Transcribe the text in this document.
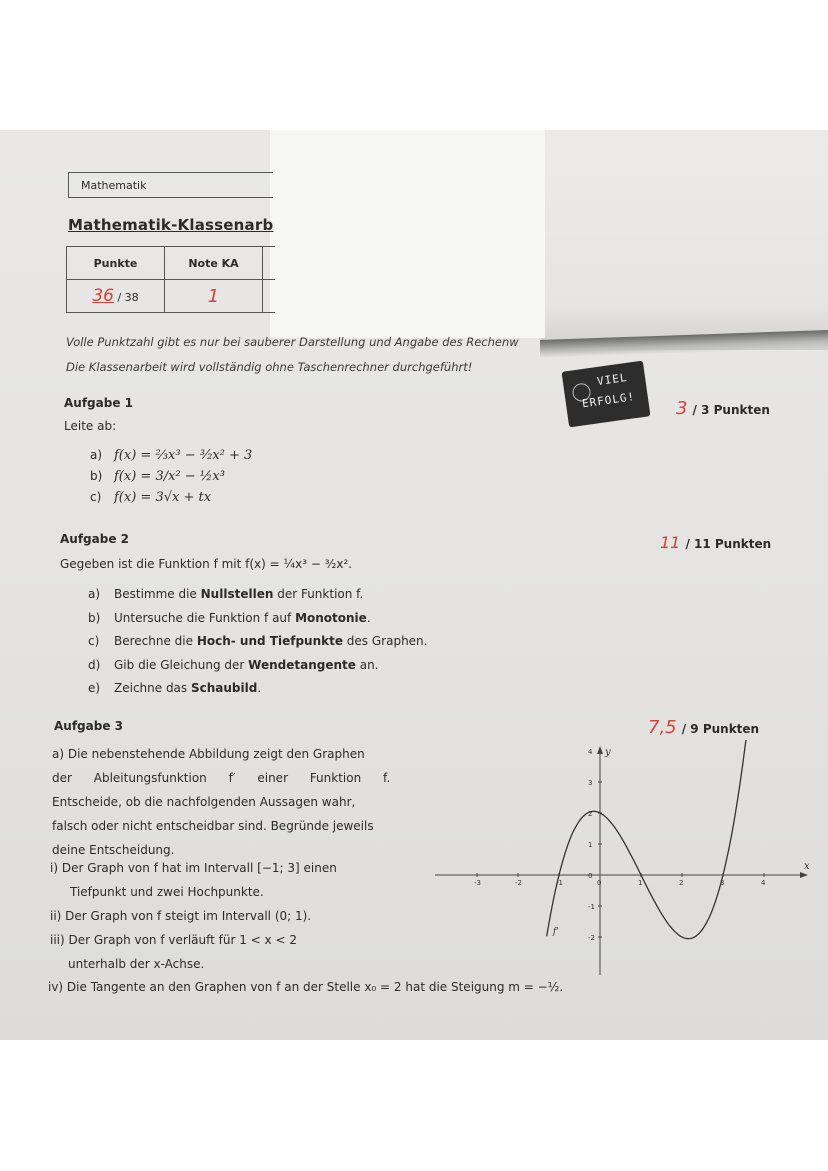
Mathematik
Mathematik-Klassenarb
Punkte	Note KA	
36 / 38	1	
Volle Punktzahl gibt es nur bei sauberer Darstellung und Angabe des Rechenw
Die Klassenarbeit wird vollständig ohne Taschenrechner durchgeführt!
VIEL
ERFOLG!
Aufgabe 1	3 / 3 Punkten
Leite ab:
a) f(x) = ⅔x³ − ³⁄₂x² + 3
b) f(x) = 3/x² − ½x³
c) f(x) = 3√x + tx
Aufgabe 2	11 / 11 Punkten
Gegeben ist die Funktion f mit f(x) = ¼x³ − ³⁄₂x².
a) Bestimme die Nullstellen der Funktion f.
b) Untersuche die Funktion f auf Monotonie.
c) Berechne die Hoch- und Tiefpunkte des Graphen.
d) Gib die Gleichung der Wendetangente an.
e) Zeichne das Schaubild.
Aufgabe 3	7,5 / 9 Punkten
a) Die nebenstehende Abbildung zeigt den Graphen
der Ableitungsfunktion f′ einer Funktion f.
Entscheide, ob die nachfolgenden Aussagen wahr,
falsch oder nicht entscheidbar sind. Begründe jeweils
deine Entscheidung.
i) Der Graph von f hat im Intervall [−1; 3] einen
Tiefpunkt und zwei Hochpunkte.
ii) Der Graph von f steigt im Intervall (0; 1).
iii) Der Graph von f verläuft für 1 < x < 2
unterhalb der x-Achse.
iv) Die Tangente an den Graphen von f an der Stelle x₀ = 2 hat die Steigung m = −½.
x
y
-3	-2	-1	0	1	2	3	4
4
3
2
1
0
-1
-2
f'
